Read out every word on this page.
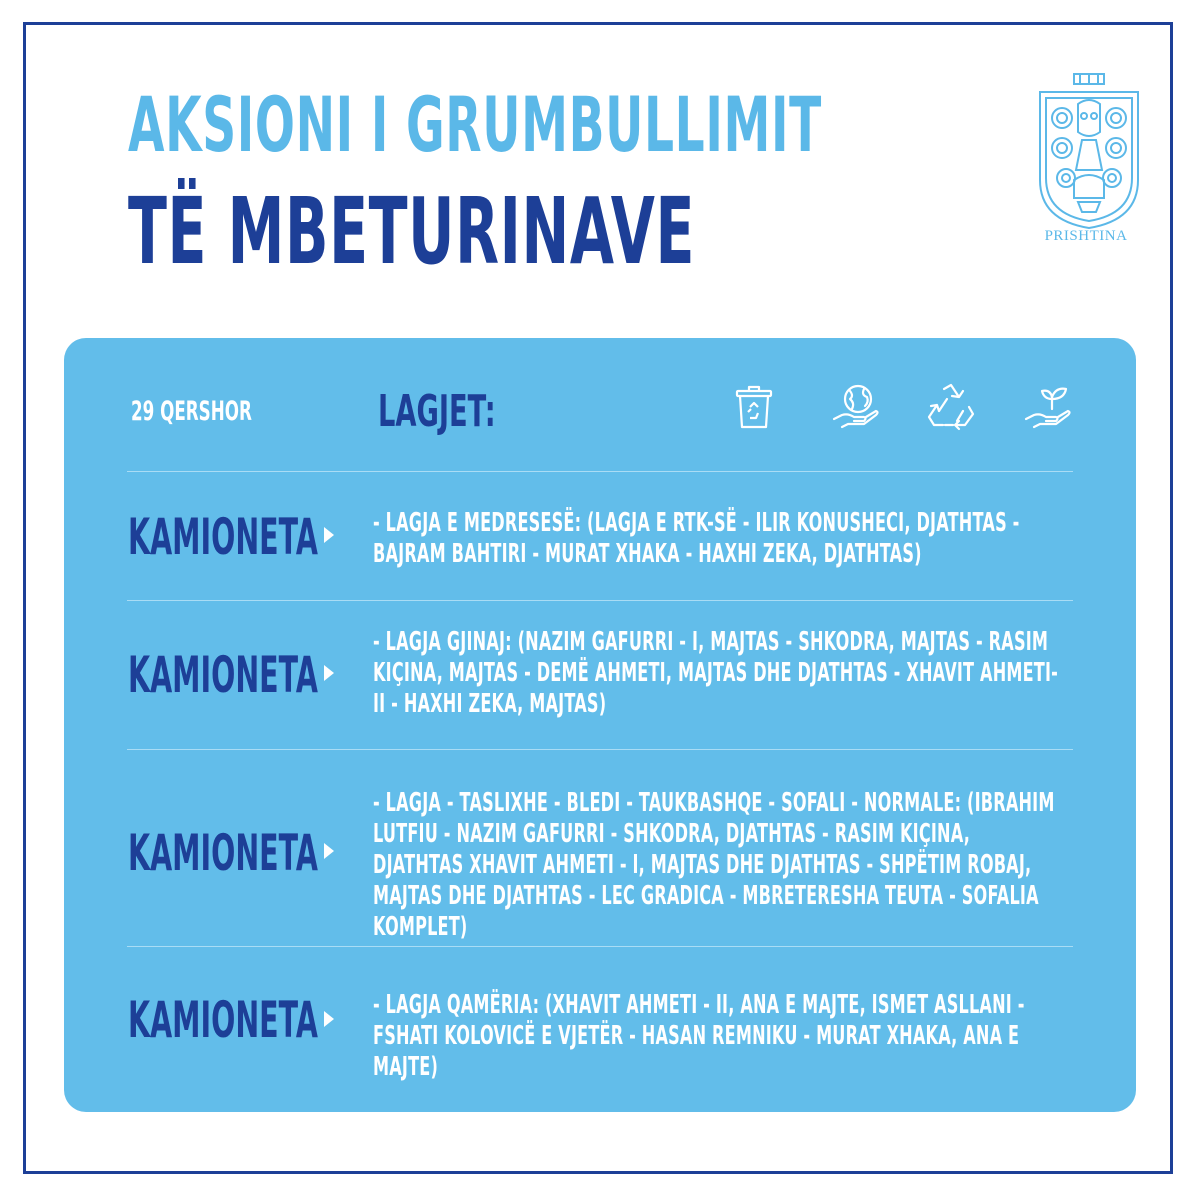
AKSIONI I GRUMBULLIMIT
TË MBETURINAVE	PRISHTINA
29 QERSHOR	LAGJET:
KAMIONETA - LAGJA E MEDRESESË: (LAGJA E RTK-SË - ILIR KONUSHECI, DJATHTAS - BAJRAM BAHTIRI - MURAT XHAKA - HAXHI ZEKA, DJATHTAS)
KAMIONETA
- LAGJA GJINAJ: (NAZIM GAFURRI - I, MAJTAS - SHKODRA, MAJTAS - RASIM KIÇINA, MAJTAS - DEMË AHMETI, MAJTAS DHE DJATHTAS - XHAVIT AHMETI- II - HAXHI ZEKA, MAJTAS)
KAMIONETA
- LAGJA - TASLIXHE - BLEDI - TAUKBASHQE - SOFALI - NORMALE: (IBRAHIM LUTFIU - NAZIM GAFURRI - SHKODRA, DJATHTAS - RASIM KIÇINA, DJATHTAS XHAVIT AHMETI - I, MAJTAS DHE DJATHTAS - SHPËTIM ROBAJ, MAJTAS DHE DJATHTAS - LEC GRADICA - MBRETERESHA TEUTA - SOFALIA KOMPLET)
KAMIONETA - LAGJA QAMËRIA: (XHAVIT AHMETI - II, ANA E MAJTE, ISMET ASLLANI - FSHATI KOLOVICË E VJETËR - HASAN REMNIKU - MURAT XHAKA, ANA E MAJTE)
